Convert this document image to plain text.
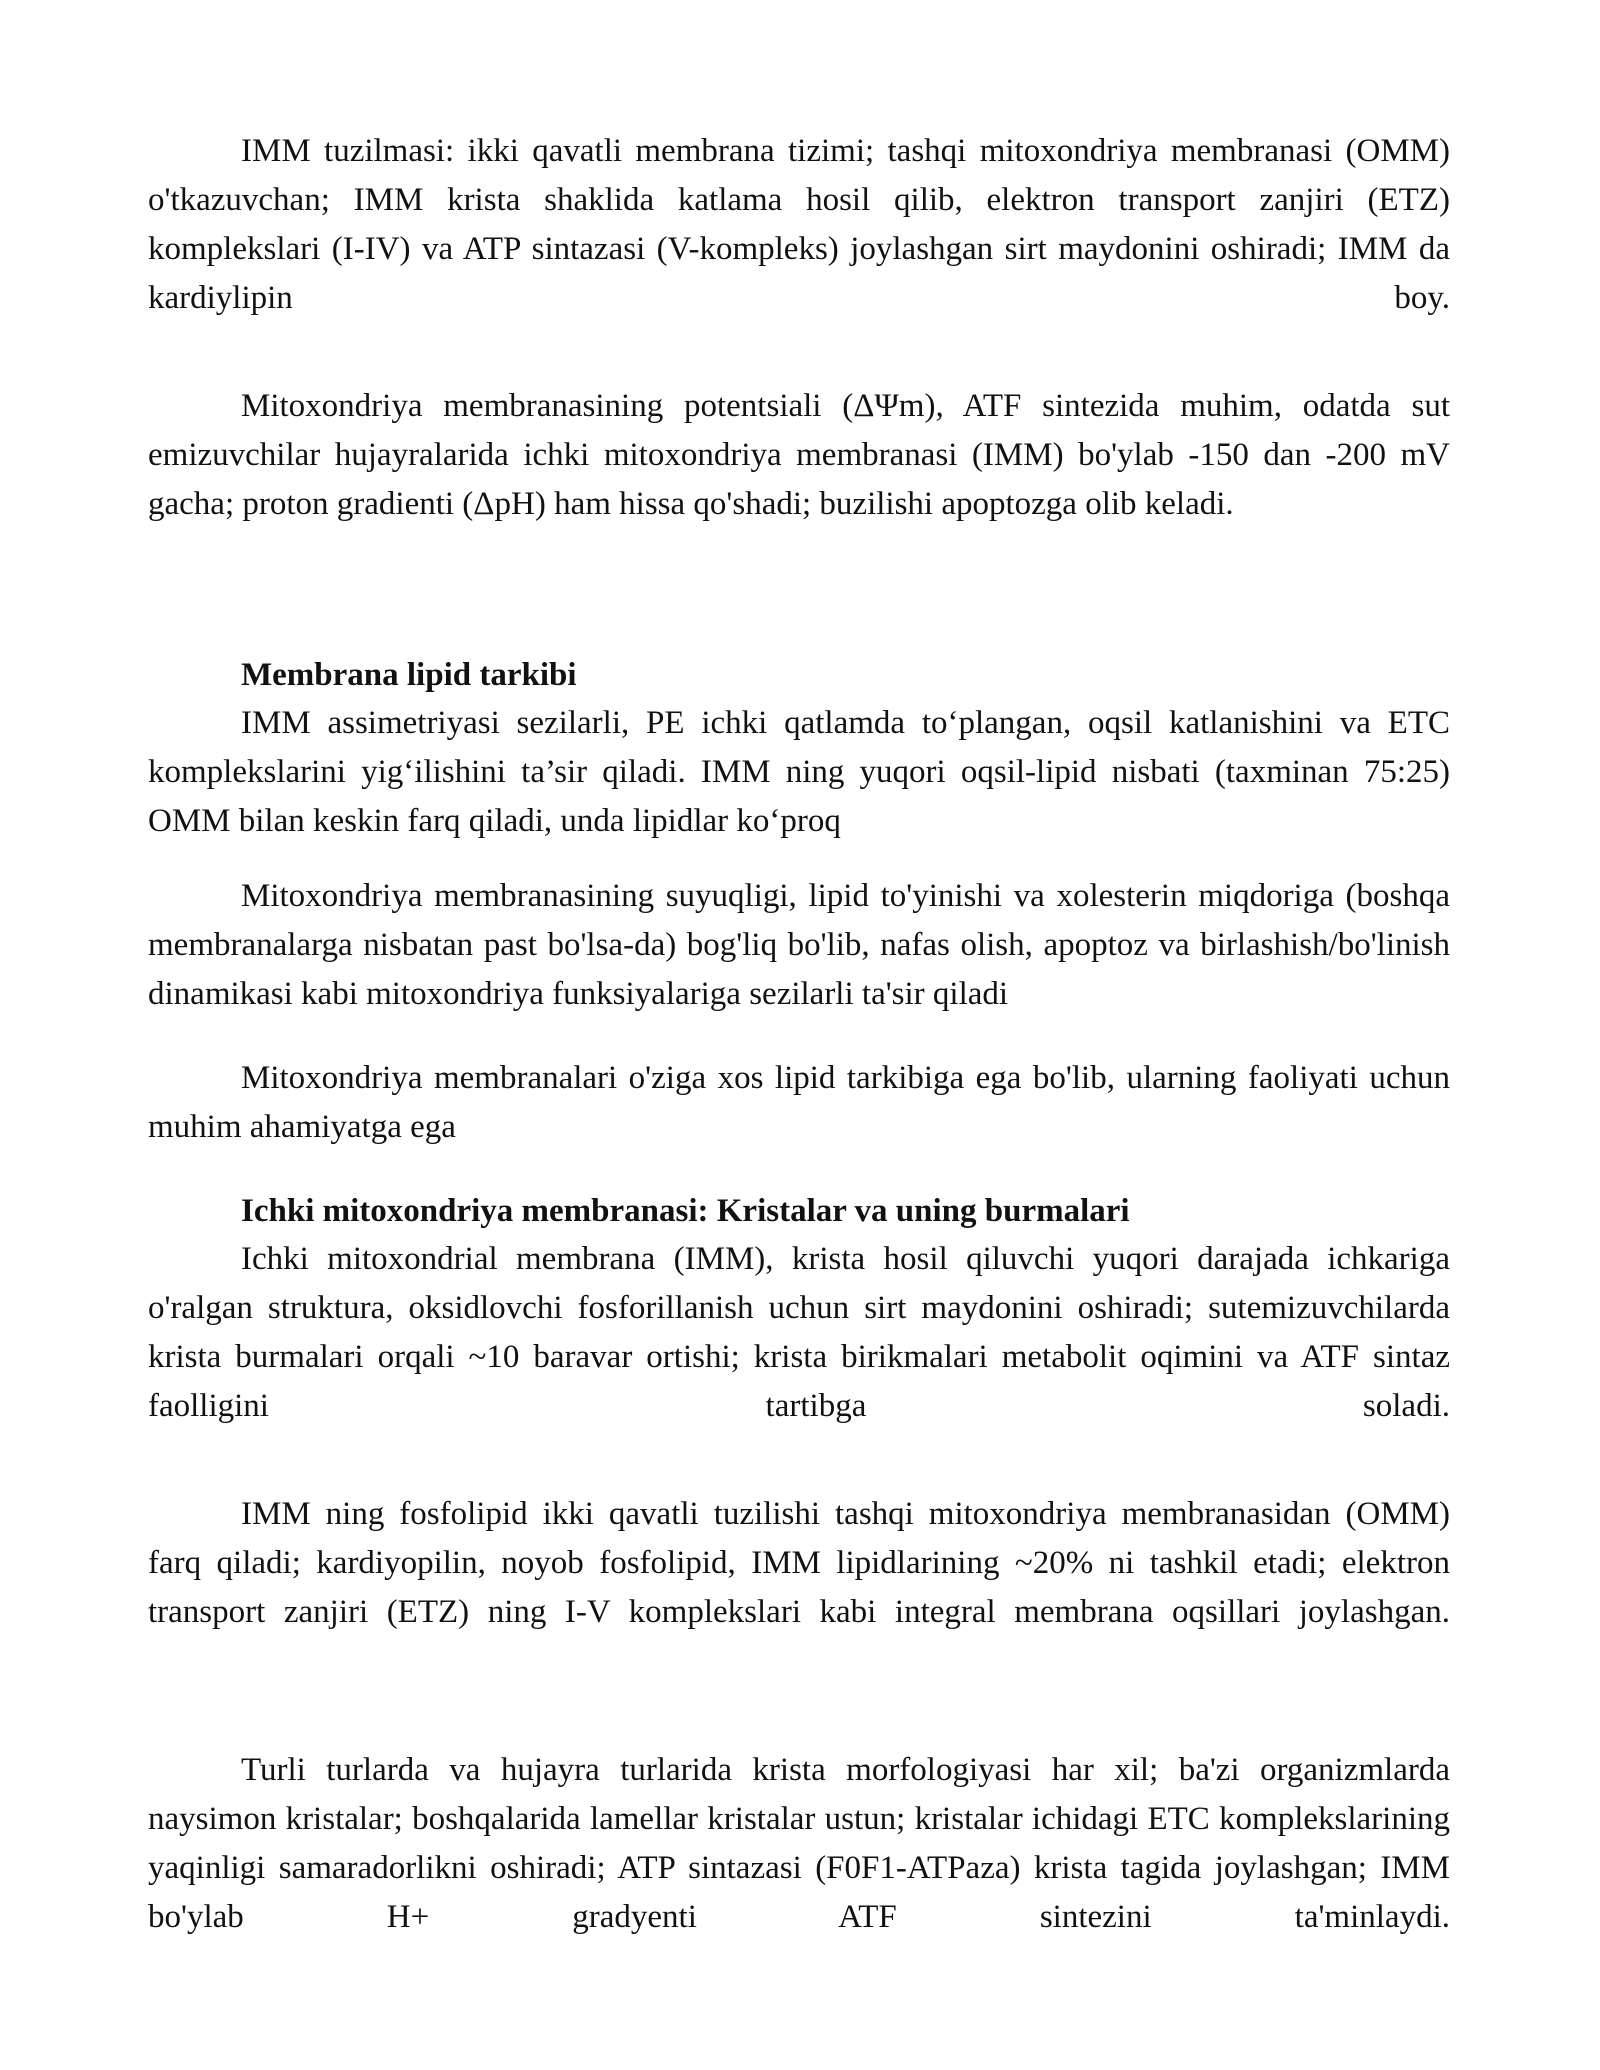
IMM tuzilmasi: ikki qavatli membrana tizimi; tashqi mitoxondriya membranasi (OMM) o'tkazuvchan; IMM krista shaklida katlama hosil qilib, elektron transport zanjiri (ETZ) komplekslari (I-IV) va ATP sintazasi (V-kompleks) joylashgan sirt maydonini oshiradi; IMM da kardiylipin boy.

Mitoxondriya membranasining potentsiali (ΔΨm), ATF sintezida muhim, odatda sut emizuvchilar hujayralarida ichki mitoxondriya membranasi (IMM) bo'ylab -150 dan -200 mV gacha; proton gradienti (ΔpH) ham hissa qo'shadi; buzilishi apoptozga olib keladi.

Membrana lipid tarkibi

IMM assimetriyasi sezilarli, PE ichki qatlamda to‘plangan, oqsil katlanishini va ETC komplekslarini yig‘ilishini ta’sir qiladi. IMM ning yuqori oqsil-lipid nisbati (taxminan 75:25) OMM bilan keskin farq qiladi, unda lipidlar ko‘proq

Mitoxondriya membranasining suyuqligi, lipid to'yinishi va xolesterin miqdoriga (boshqa membranalarga nisbatan past bo'lsa-da) bog'liq bo'lib, nafas olish, apoptoz va birlashish/bo'linish dinamikasi kabi mitoxondriya funksiyalariga sezilarli ta'sir qiladi

Mitoxondriya membranalari o'ziga xos lipid tarkibiga ega bo'lib, ularning faoliyati uchun muhim ahamiyatga ega

Ichki mitoxondriya membranasi: Kristalar va uning burmalari

Ichki mitoxondrial membrana (IMM), krista hosil qiluvchi yuqori darajada ichkariga o'ralgan struktura, oksidlovchi fosforillanish uchun sirt maydonini oshiradi; sutemizuvchilarda krista burmalari orqali ~10 baravar ortishi; krista birikmalari metabolit oqimini va ATF sintaz faolligini tartibga soladi.

IMM ning fosfolipid ikki qavatli tuzilishi tashqi mitoxondriya membranasidan (OMM) farq qiladi; kardiyopilin, noyob fosfolipid, IMM lipidlarining ~20% ni tashkil etadi; elektron transport zanjiri (ETZ) ning I-V komplekslari kabi integral membrana oqsillari joylashgan.

Turli turlarda va hujayra turlarida krista morfologiyasi har xil; ba'zi organizmlarda naysimon kristalar; boshqalarida lamellar kristalar ustun; kristalar ichidagi ETC komplekslarining yaqinligi samaradorlikni oshiradi; ATP sintazasi (F0F1-ATPaza) krista tagida joylashgan; IMM bo'ylab H+ gradyenti ATF sintezini ta'minlaydi.
